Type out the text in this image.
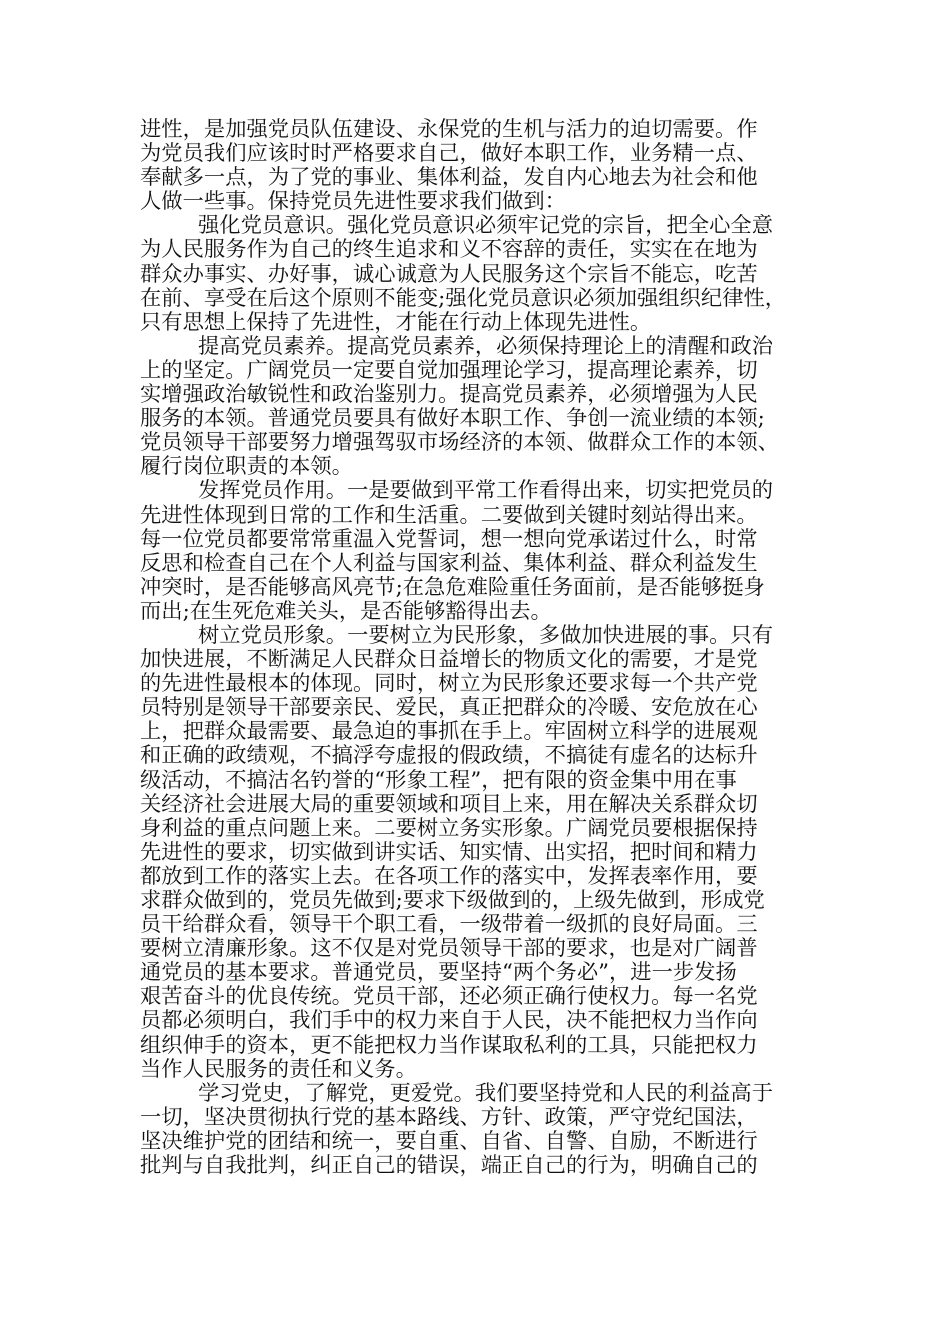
进性，是加强党员队伍建设、永保党的生机与活力的迫切需要。作
为党员我们应该时时严格要求自己，做好本职工作，业务精一点、
奉献多一点，为了党的事业、集体利益，发自内心地去为社会和他
人做一些事。保持党员先进性要求我们做到：
强化党员意识。强化党员意识必须牢记党的宗旨，把全心全意
为人民服务作为自己的终生追求和义不容辞的责任，实实在在地为
群众办事实、办好事，诚心诚意为人民服务这个宗旨不能忘，吃苦
在前、享受在后这个原则不能变;强化党员意识必须加强组织纪律性，
只有思想上保持了先进性，才能在行动上体现先进性。
提高党员素养。提高党员素养，必须保持理论上的清醒和政治
上的坚定。广阔党员一定要自觉加强理论学习，提高理论素养，切
实增强政治敏锐性和政治鉴别力。提高党员素养，必须增强为人民
服务的本领。普通党员要具有做好本职工作、争创一流业绩的本领;
党员领导干部要努力增强驾驭市场经济的本领、做群众工作的本领、
履行岗位职责的本领。
发挥党员作用。一是要做到平常工作看得出来，切实把党员的
先进性体现到日常的工作和生活重。二要做到关键时刻站得出来。
每一位党员都要常常重温入党誓词，想一想向党承诺过什么，时常
反思和检查自己在个人利益与国家利益、集体利益、群众利益发生
冲突时，是否能够高风亮节;在急危难险重任务面前，是否能够挺身
而出;在生死危难关头，是否能够豁得出去。
树立党员形象。一要树立为民形象，多做加快进展的事。只有
加快进展，不断满足人民群众日益增长的物质文化的需要，才是党
的先进性最根本的体现。同时，树立为民形象还要求每一个共产党
员特别是领导干部要亲民、爱民，真正把群众的冷暖、安危放在心
上，把群众最需要、最急迫的事抓在手上。牢固树立科学的进展观
和正确的政绩观，不搞浮夸虚报的假政绩，不搞徒有虚名的达标升
级活动，不搞沽名钓誉的“形象工程”，把有限的资金集中用在事
关经济社会进展大局的重要领域和项目上来，用在解决关系群众切
身利益的重点问题上来。二要树立务实形象。广阔党员要根据保持
先进性的要求，切实做到讲实话、知实情、出实招，把时间和精力
都放到工作的落实上去。在各项工作的落实中，发挥表率作用，要
求群众做到的，党员先做到;要求下级做到的，上级先做到，形成党
员干给群众看，领导干个职工看，一级带着一级抓的良好局面。三
要树立清廉形象。这不仅是对党员领导干部的要求，也是对广阔普
通党员的基本要求。普通党员，要坚持“两个务必”，进一步发扬
艰苦奋斗的优良传统。党员干部，还必须正确行使权力。每一名党
员都必须明白，我们手中的权力来自于人民，决不能把权力当作向
组织伸手的资本，更不能把权力当作谋取私利的工具，只能把权力
当作人民服务的责任和义务。
学习党史，了解党，更爱党。我们要坚持党和人民的利益高于
一切，坚决贯彻执行党的基本路线、方针、政策，严守党纪国法，
坚决维护党的团结和统一，要自重、自省、自警、自励，不断进行
批判与自我批判，纠正自己的错误，端正自己的行为，明确自己的
